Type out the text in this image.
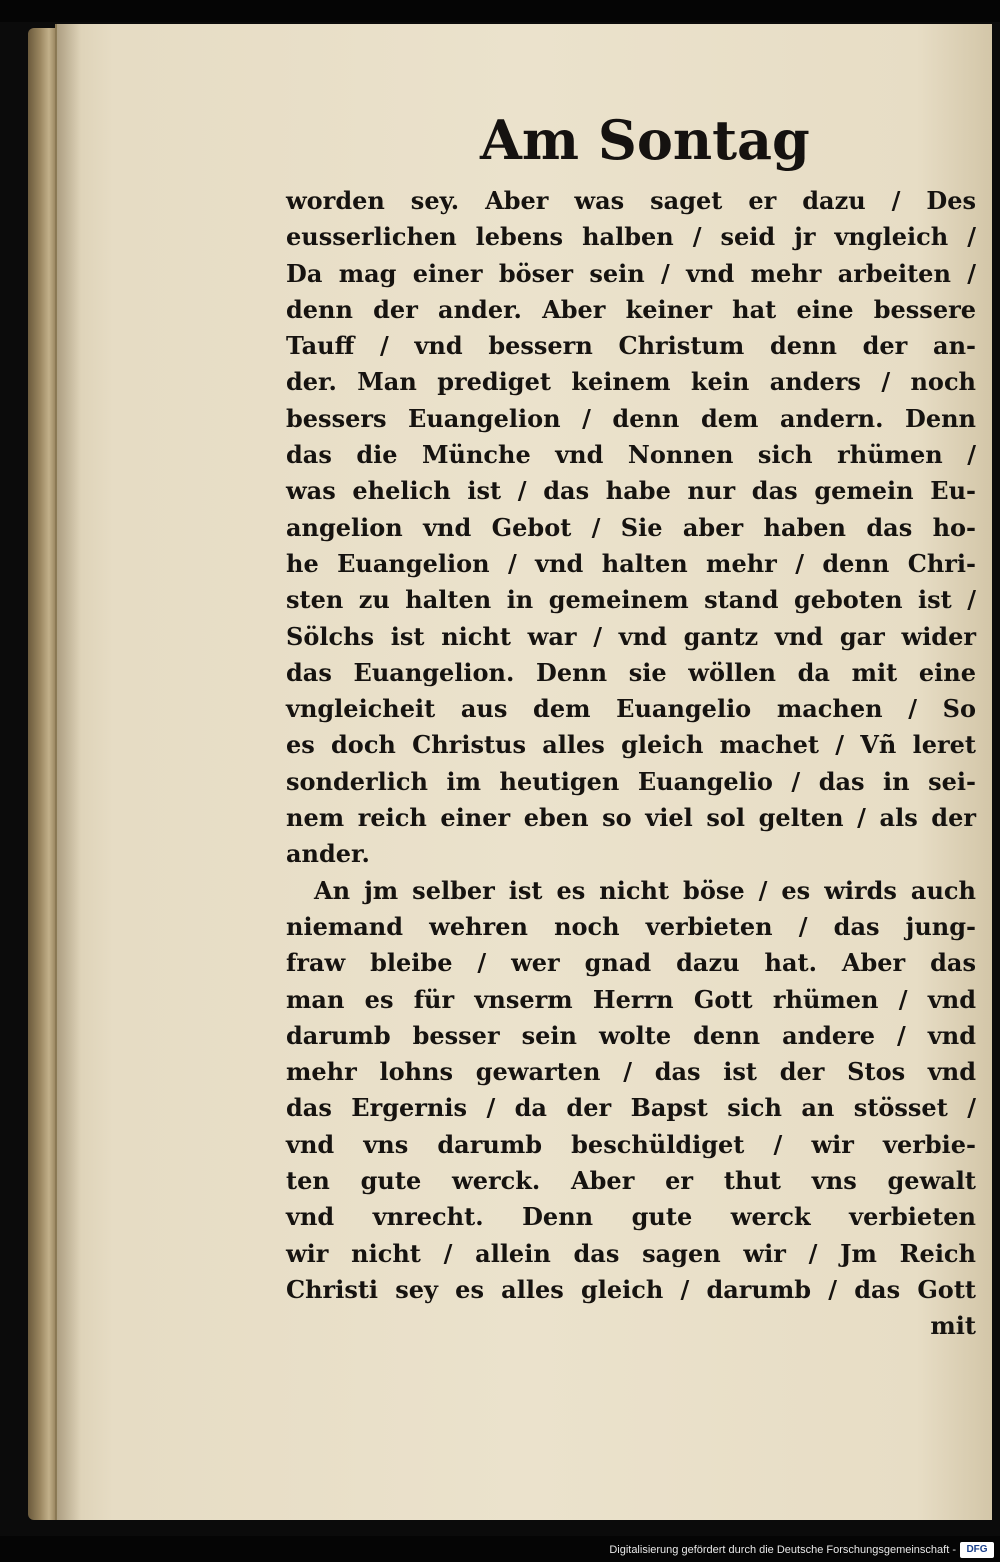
Am Sontag
worden sey. Aber was saget er dazu / Des
eusserlichen lebens halben / seid jr vngleich /
Da mag einer böser sein / vnd mehr arbeiten /
denn der ander. Aber keiner hat eine bessere
Tauff / vnd bessern Christum denn der an-
der. Man prediget keinem kein anders / noch
bessers Euangelion / denn dem andern. Denn
das die Münche vnd Nonnen sich rhümen /
was ehelich ist / das habe nur das gemein Eu-
angelion vnd Gebot / Sie aber haben das ho-
he Euangelion / vnd halten mehr / denn Chri-
sten zu halten in gemeinem stand geboten ist /
Sölchs ist nicht war / vnd gantz vnd gar wider
das Euangelion. Denn sie wöllen da mit eine
vngleicheit aus dem Euangelio machen / So
es doch Christus alles gleich machet / Vñ leret
sonderlich im heutigen Euangelio / das in sei-
nem reich einer eben so viel sol gelten / als der
ander.
An jm selber ist es nicht böse / es wirds auch
niemand wehren noch verbieten / das jung-
fraw bleibe / wer gnad dazu hat. Aber das
man es für vnserm Herrn Gott rhümen / vnd
darumb besser sein wolte denn andere / vnd
mehr lohns gewarten / das ist der Stos vnd
das Ergernis / da der Bapst sich an stösset /
vnd vns darumb beschüldiget / wir verbie-
ten gute werck. Aber er thut vns gewalt
vnd vnrecht. Denn gute werck verbieten
wir nicht / allein das sagen wir / Jm Reich
Christi sey es alles gleich / darumb / das Gott
mit
Digitalisierung gefördert durch die Deutsche Forschungsgemeinschaft -	DFG
